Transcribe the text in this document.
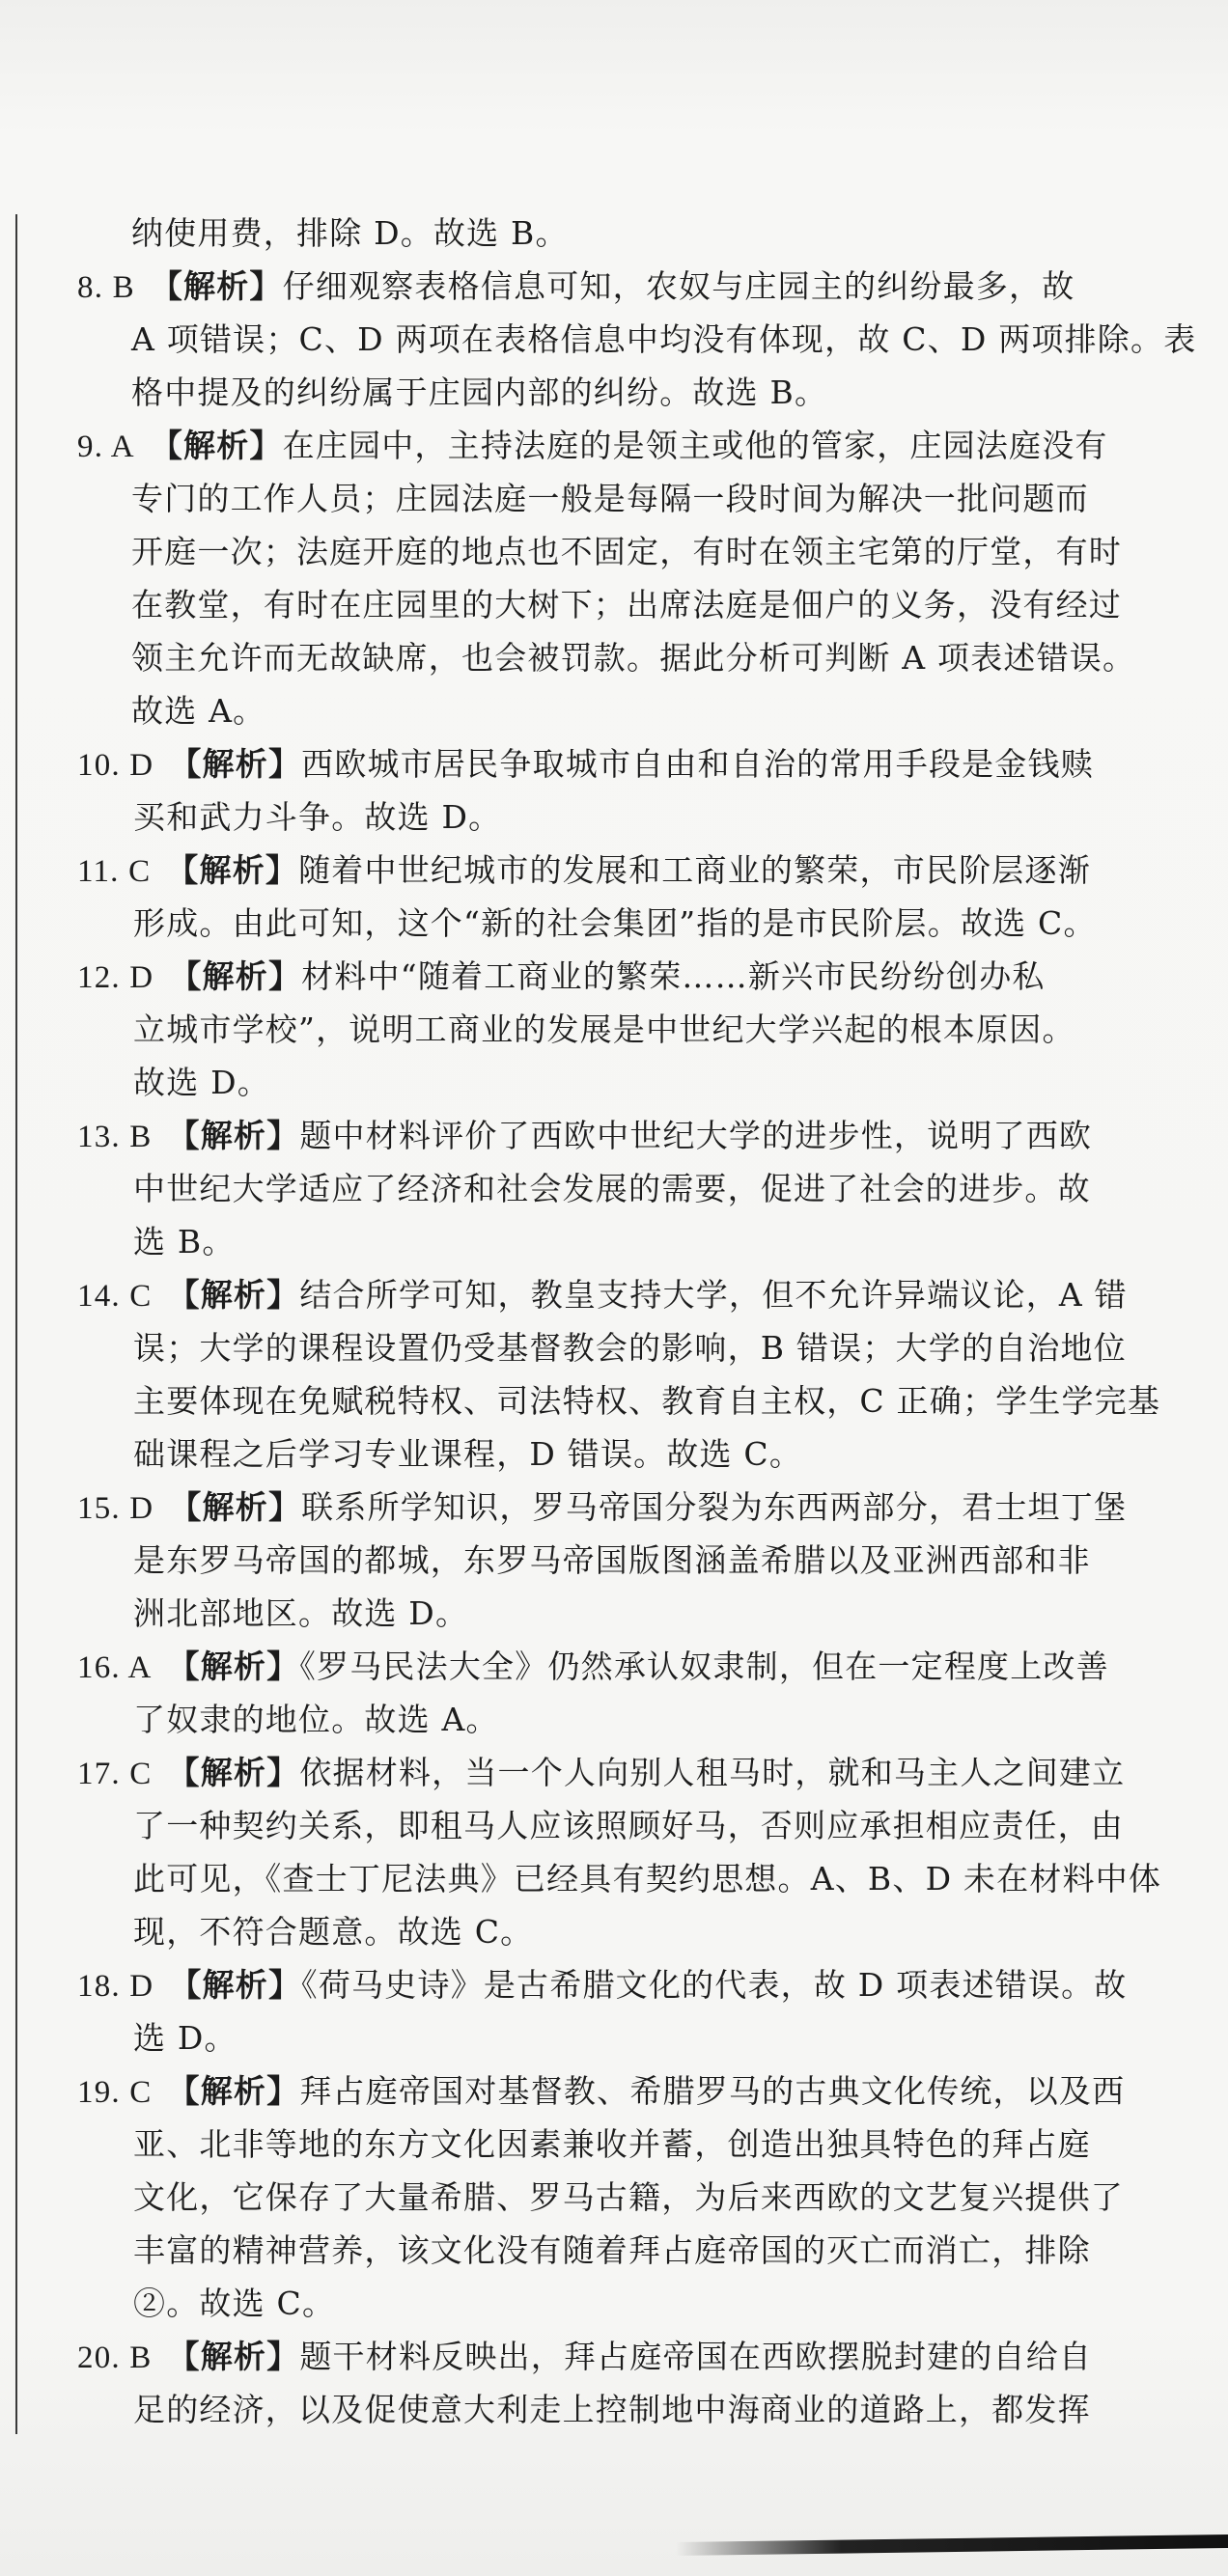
纳使用费，排除 D。故选 B。
8. B 【解析】仔细观察表格信息可知，农奴与庄园主的纠纷最多，故
A 项错误；C、D 两项在表格信息中均没有体现，故 C、D 两项排除。表
格中提及的纠纷属于庄园内部的纠纷。故选 B。
9. A 【解析】在庄园中，主持法庭的是领主或他的管家，庄园法庭没有
专门的工作人员；庄园法庭一般是每隔一段时间为解决一批问题而
开庭一次；法庭开庭的地点也不固定，有时在领主宅第的厅堂，有时
在教堂，有时在庄园里的大树下；出席法庭是佃户的义务，没有经过
领主允许而无故缺席，也会被罚款。据此分析可判断 A 项表述错误。
故选 A。
10. D 【解析】西欧城市居民争取城市自由和自治的常用手段是金钱赎
买和武力斗争。故选 D。
11. C 【解析】随着中世纪城市的发展和工商业的繁荣，市民阶层逐渐
形成。由此可知，这个“新的社会集团”指的是市民阶层。故选 C。
12. D 【解析】材料中“随着工商业的繁荣……新兴市民纷纷创办私
立城市学校”，说明工商业的发展是中世纪大学兴起的根本原因。
故选 D。
13. B 【解析】题中材料评价了西欧中世纪大学的进步性，说明了西欧
中世纪大学适应了经济和社会发展的需要，促进了社会的进步。故
选 B。
14. C 【解析】结合所学可知，教皇支持大学，但不允许异端议论，A 错
误；大学的课程设置仍受基督教会的影响，B 错误；大学的自治地位
主要体现在免赋税特权、司法特权、教育自主权，C 正确；学生学完基
础课程之后学习专业课程，D 错误。故选 C。
15. D 【解析】联系所学知识，罗马帝国分裂为东西两部分，君士坦丁堡
是东罗马帝国的都城，东罗马帝国版图涵盖希腊以及亚洲西部和非
洲北部地区。故选 D。
16. A 【解析】《罗马民法大全》仍然承认奴隶制，但在一定程度上改善
了奴隶的地位。故选 A。
17. C 【解析】依据材料，当一个人向别人租马时，就和马主人之间建立
了一种契约关系，即租马人应该照顾好马，否则应承担相应责任，由
此可见，《查士丁尼法典》已经具有契约思想。A、B、D 未在材料中体
现，不符合题意。故选 C。
18. D 【解析】《荷马史诗》是古希腊文化的代表，故 D 项表述错误。故
选 D。
19. C 【解析】拜占庭帝国对基督教、希腊罗马的古典文化传统，以及西
亚、北非等地的东方文化因素兼收并蓄，创造出独具特色的拜占庭
文化，它保存了大量希腊、罗马古籍，为后来西欧的文艺复兴提供了
丰富的精神营养，该文化没有随着拜占庭帝国的灭亡而消亡，排除
②。故选 C。
20. B 【解析】题干材料反映出，拜占庭帝国在西欧摆脱封建的自给自
足的经济，以及促使意大利走上控制地中海商业的道路上，都发挥
